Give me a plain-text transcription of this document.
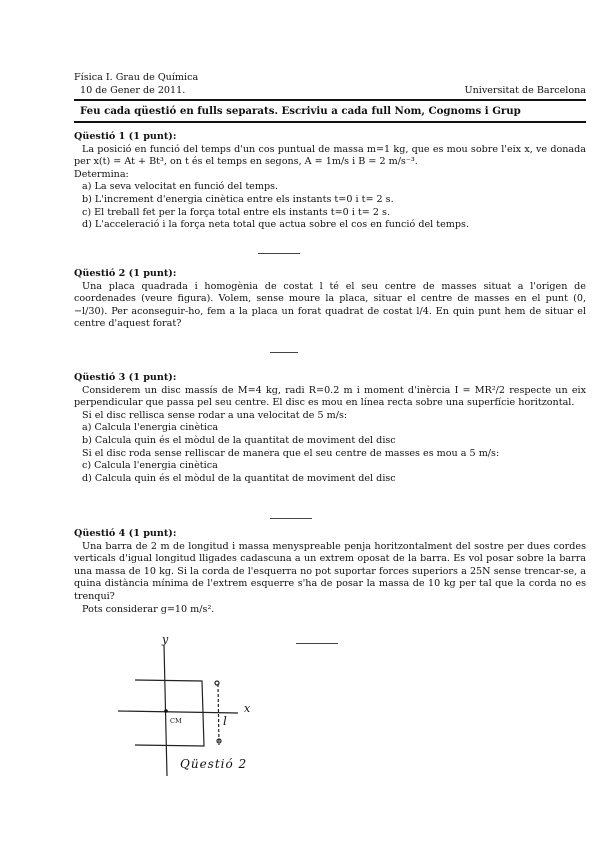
Física I. Grau de Química
10 de Gener de 2011.	Universitat de Barcelona
Feu cada qüestió en fulls separats. Escriviu a cada full Nom, Cognoms i Grup

Qüestió 1 (1 punt):

La posició en funció del temps d'un cos puntual de massa m=1 kg, que es mou sobre l'eix x, ve donada per x(t) = At + Bt³, on t és el temps en segons, A = 1m/s i B = 2 m/s⁻³.

Determina:

a) La seva velocitat en funció del temps.

b) L'increment d'energia cinètica entre els instants t=0 i t= 2 s.

c) El treball fet per la força total entre els instants t=0 i t= 2 s.

d) L'acceleració i la força neta total que actua sobre el cos en funció del temps.

Qüestió 2 (1 punt):

Una placa quadrada i homogènia de costat l té el seu centre de masses situat a l'origen de coordenades (veure figura). Volem, sense moure la placa, situar el centre de masses en el punt (0, −l/30). Per aconseguir-ho, fem a la placa un forat quadrat de costat l/4. En quin punt hem de situar el centre d'aquest forat?

Qüestió 3 (1 punt):

Considerem un disc massís de M=4 kg, radi R=0.2 m i moment d'inèrcia I = MR²/2 respecte un eix perpendicular que passa pel seu centre. El disc es mou en línea recta sobre una superfície horitzontal.

Si el disc rellisca sense rodar a una velocitat de 5 m/s:

a) Calcula l'energia cinètica

b) Calcula quin és el mòdul de la quantitat de moviment del disc

Si el disc roda sense relliscar de manera que el seu centre de masses es mou a 5 m/s:

c) Calcula l'energia cinètica

d) Calcula quin és el mòdul de la quantitat de moviment del disc

Qüestió 4 (1 punt):

Una barra de 2 m de longitud i massa menyspreable penja horitzontalment del sostre per dues cordes verticals d'igual longitud lligades cadascuna a un extrem oposat de la barra. Es vol posar sobre la barra una massa de 10 kg. Si la corda de l'esquerra no pot suportar forces superiors a 25N sense trencar-se, a quina distància mínima de l'extrem esquerre s'ha de posar la massa de 10 kg per tal que la corda no es trenqui?

Pots considerar g=10 m/s².

x
y
CM	l
Qüestió 2
